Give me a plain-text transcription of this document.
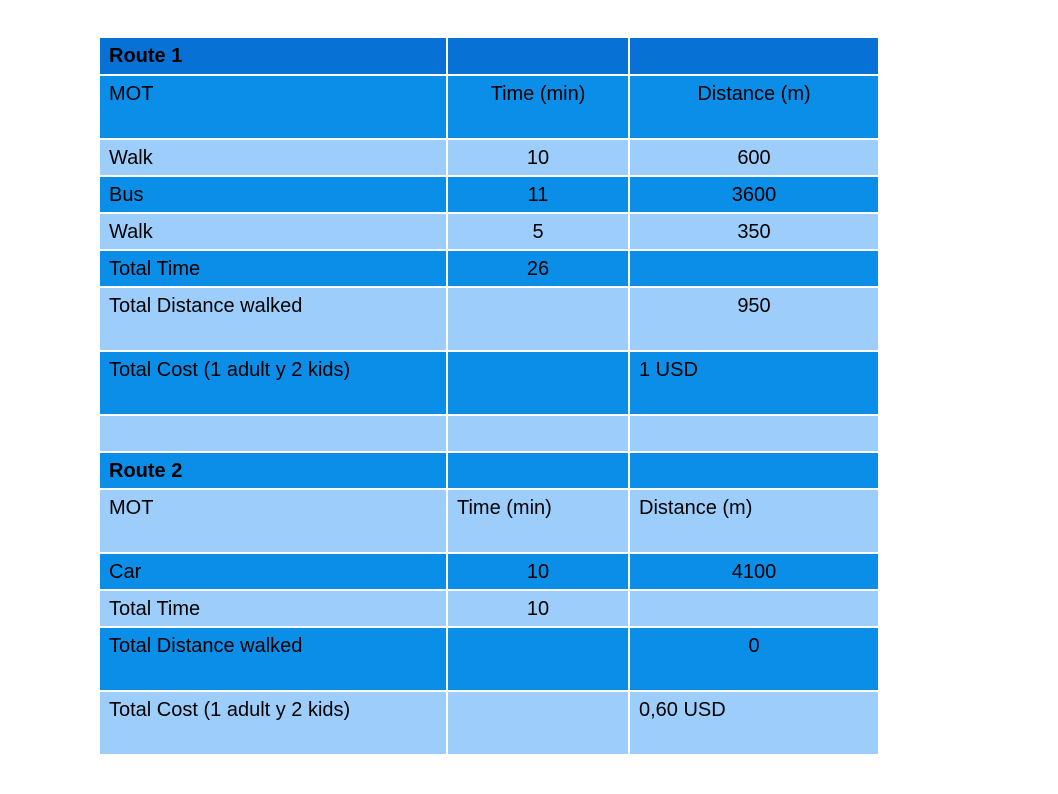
Route 1		
MOT	Time (min)	Distance (m)
Walk	10	600
Bus	11	3600
Walk	5	350
Total Time	26	
Total Distance walked		950
Total Cost (1 adult y 2 kids)		1 USD

Route 2		
MOT	Time (min)	Distance (m)
Car	10	4100
Total Time	10	
Total Distance walked		0
Total Cost (1 adult y 2 kids)		0,60 USD
